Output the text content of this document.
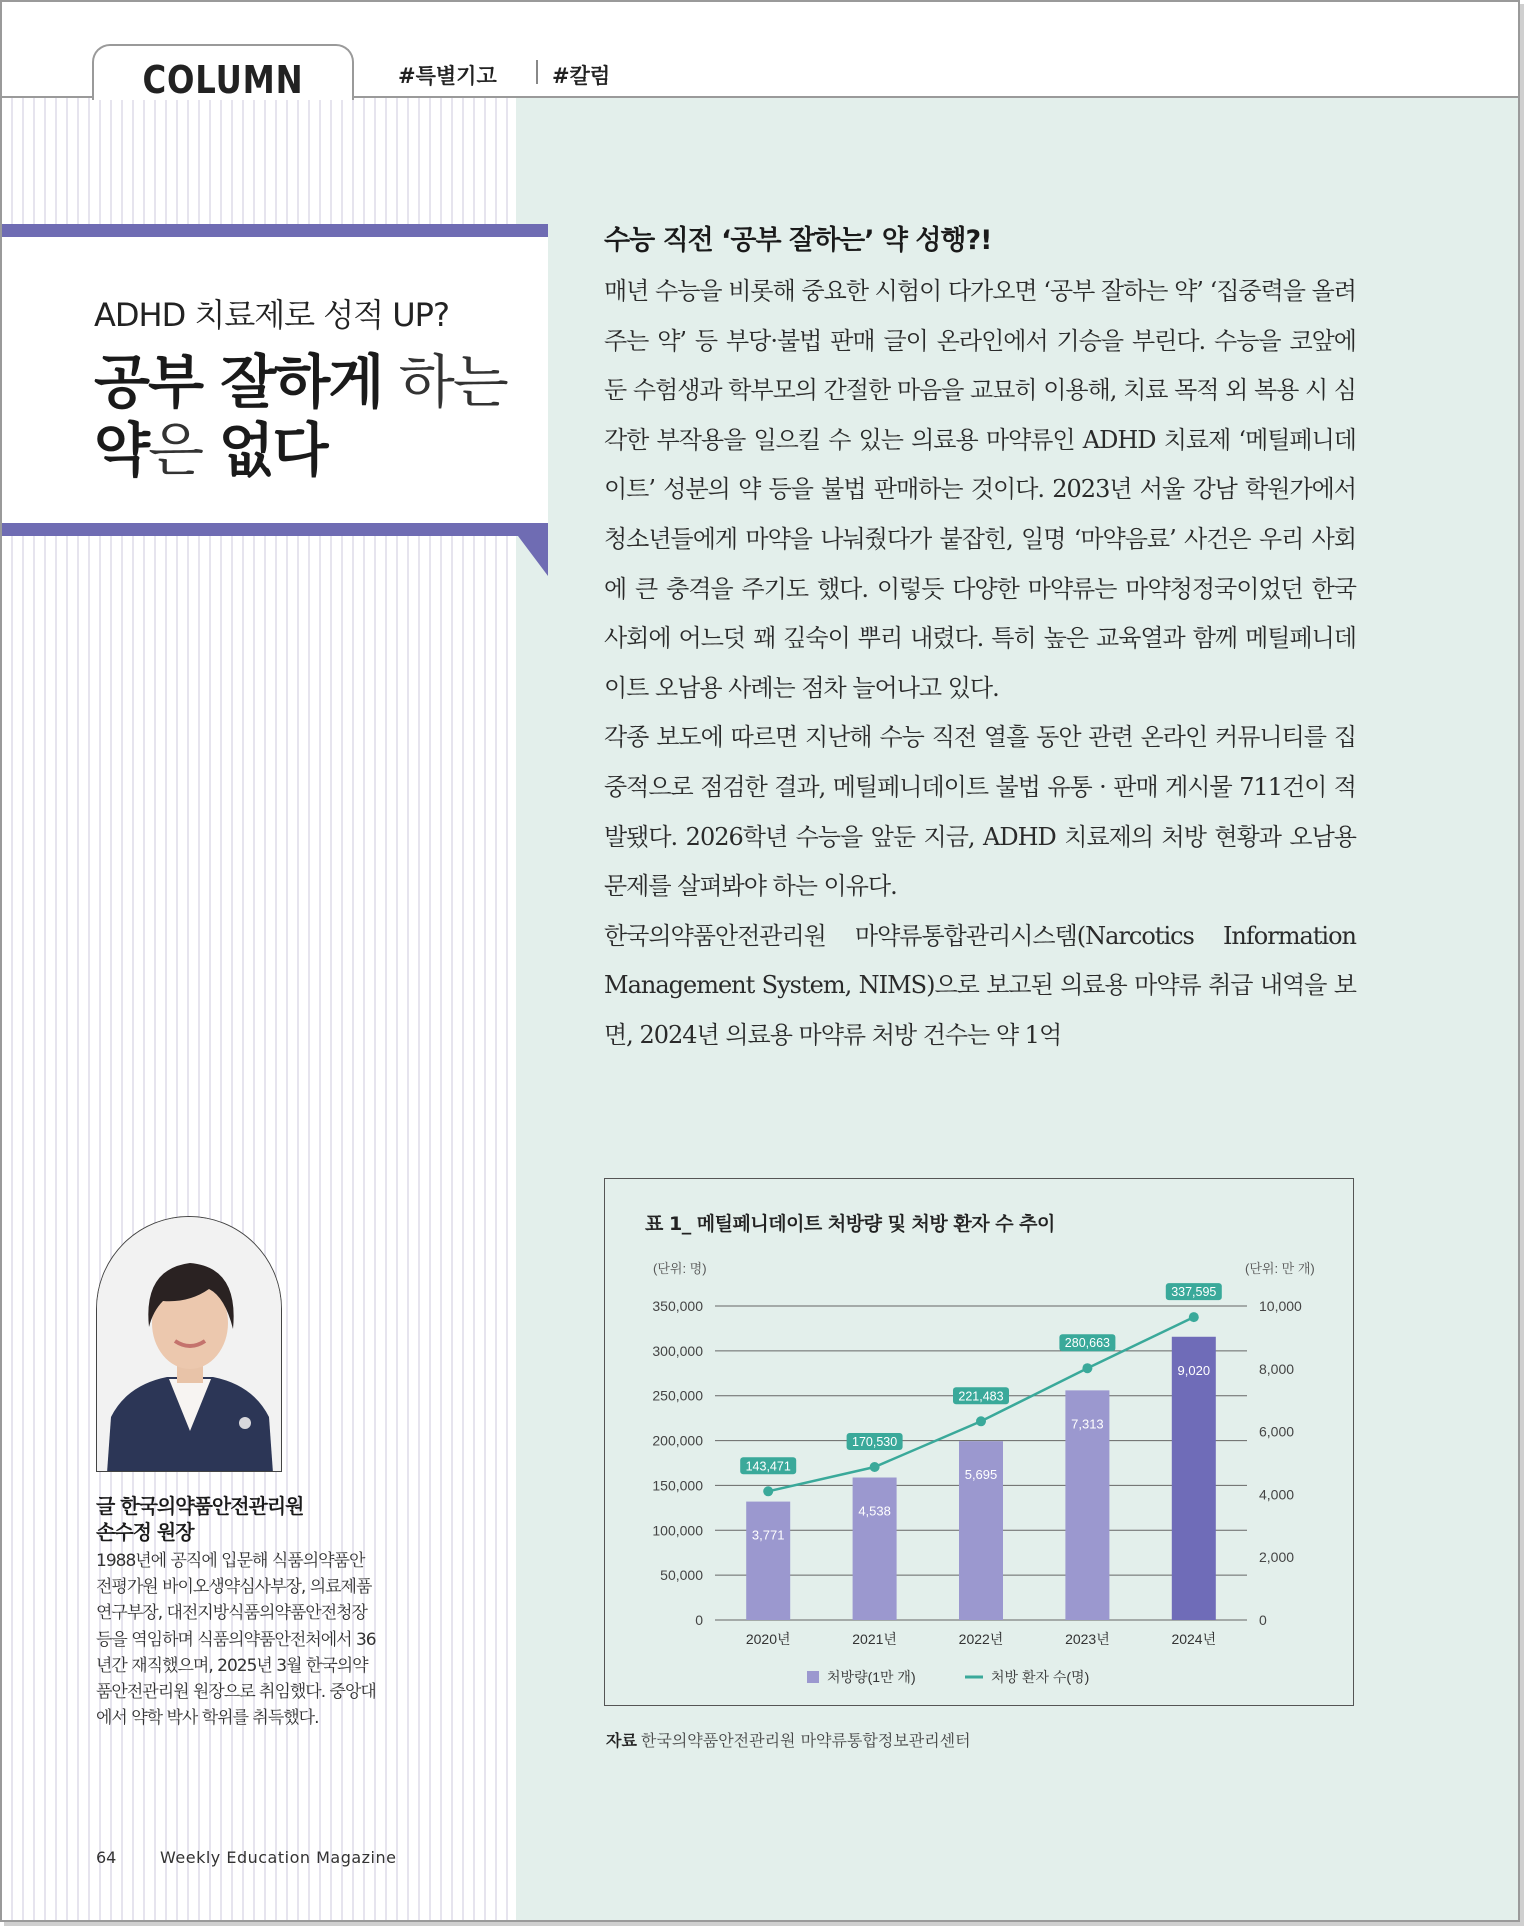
COLUMN	#특별기고	#칼럼
ADHD 치료제로 성적 UP?
공부 잘하게 하는
약은 없다
수능 직전 ‘공부 잘하는’ 약 성행?!

매년 수능을 비롯해 중요한 시험이 다가오면 ‘공부 잘하는 약’ ‘집중력을 올려주는 약’ 등 부당·불법 판매 글이 온라인에서 기승을 부린다. 수능을 코앞에 둔 수험생과 학부모의 간절한 마음을 교묘히 이용해, 치료 목적 외 복용 시 심각한 부작용을 일으킬 수 있는 의료용 마약류인 ADHD 치료제 ‘메틸페니데이트’ 성분의 약 등을 불법 판매하는 것이다. 2023년 서울 강남 학원가에서 청소년들에게 마약을 나눠줬다가 붙잡힌, 일명 ‘마약음료’ 사건은 우리 사회에 큰 충격을 주기도 했다. 이렇듯 다양한 마약류는 마약청정국이었던 한국 사회에 어느덧 꽤 깊숙이 뿌리 내렸다. 특히 높은 교육열과 함께 메틸페니데이트 오남용 사례는 점차 늘어나고 있다.

각종 보도에 따르면 지난해 수능 직전 열흘 동안 관련 온라인 커뮤니티를 집중적으로 점검한 결과, 메틸페니데이트 불법 유통 · 판매 게시물 711건이 적발됐다. 2026학년 수능을 앞둔 지금, ADHD 치료제의 처방 현황과 오남용 문제를 살펴봐야 하는 이유다.

한국의약품안전관리원 마약류통합관리시스템(Narcotics Information Management System, NIMS)으로 보고된 의료용 마약류 취급 내역을 보면, 2024년 의료용 마약류 처방 건수는 약 1억

표 1_ 메틸페니데이트 처방량 및 처방 환자 수 추이
(단위: 명)	(단위: 만 개)
0
50,000
100,000
150,000
200,000
250,000
300,000
350,000
0
2,000
4,000
6,000
8,000
10,000
3,771
4,538
5,695
7,313
9,020
2020년	2021년	2022년	2023년	2024년
143,471
170,530
221,483
280,663
337,595
처방량(1만 개)	처방 환자 수(명)
자료 한국의약품안전관리원 마약류통합정보관리센터
글 한국의약품안전관리원
손수정 원장
1988년에 공직에 입문해 식품의약품안전평가원 바이오생약심사부장, 의료제품연구부장, 대전지방식품의약품안전청장 등을 역임하며 식품의약품안전처에서 36년간 재직했으며, 2025년 3월 한국의약품안전관리원 원장으로 취임했다. 중앙대에서 약학 박사 학위를 취득했다.
64	Weekly Education Magazine
